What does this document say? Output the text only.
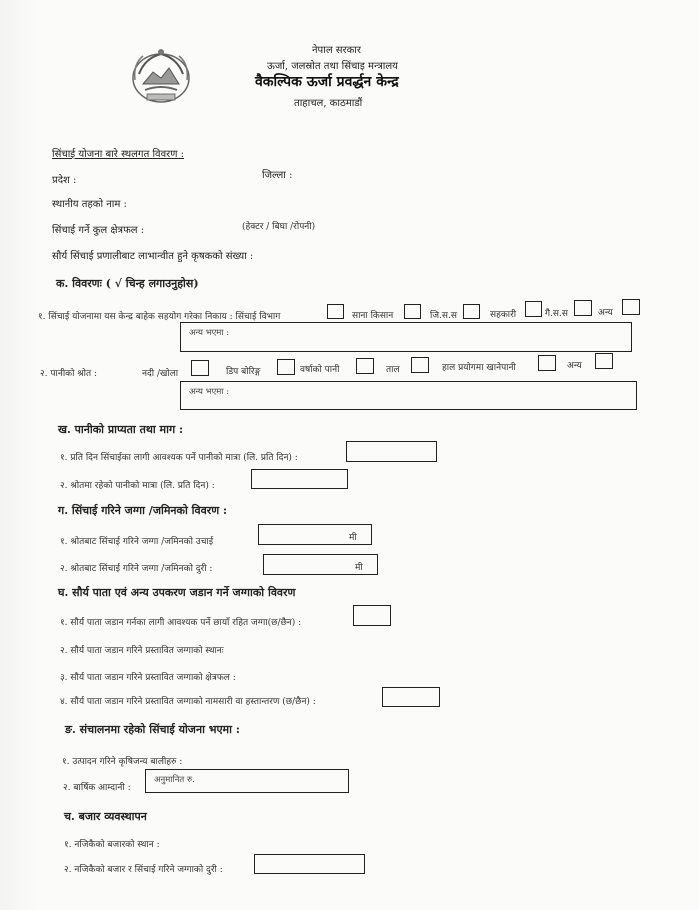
नेपाल सरकार
ऊर्जा, जलस्रोत तथा सिंचाइ मन्त्रालय
वैकल्पिक ऊर्जा प्रवर्द्धन केन्द्र
ताहाचल, काठमाडौं
सिंचाई योजना बारे स्थलगत विवरण :
प्रदेश :	जिल्ला :
स्थानीय तहको नाम :
सिंचाई गर्ने कुल क्षेत्रफल :	(हेक्टर / बिघा /रोपनी)
सौर्य सिंचाई प्रणालीबाट लाभान्वीत हुने कृषकको संख्या :
क. विवरणः ( √ चिन्ह लगाउनुहोस)
१. सिंचाई योजनामा यस केन्द्र बाहेक सहयोग गरेका निकाय : सिंचाई विभाग	साना किसान	जि.स.स	सहकारी	गै.स.स	अन्य
अन्य भएमा :
२. पानीको श्रोत :	नदी /खोला	डिप बोरिङ्ग	वर्षाको पानी	ताल	हाल प्रयोगमा खानेपानी	अन्य
अन्य भएमा :
ख. पानीको प्राप्यता तथा माग :
१. प्रति दिन सिंचाईका लागी आवश्यक पर्ने पानीको मात्रा (लि. प्रति दिन) :
२. श्रोतमा रहेको पानीको मात्रा (लि. प्रति दिन) :
ग. सिंचाई गरिने जग्गा /जमिनको विवरण :
१. श्रोतबाट सिंचाई गरिने जग्गा /जमिनको उचाई	मी
२. श्रोतबाट सिंचाई गरिने जग्गा /जमिनको दुरी :	मी
घ. सौर्य पाता एवं अन्य उपकरण जडान गर्ने जग्गाको विवरण
१. सौर्य पाता जडान गर्नका लागी आवश्यक पर्ने छायाँ रहित जग्गा(छ/छैन) :
२. सौर्य पाता जडान गरिने प्रस्तावित जग्गाको स्थानः
३. सौर्य पाता जडान गरिने प्रस्तावित जग्गाको क्षेत्रफल :
४. सौर्य पाता जडान गरिने प्रस्तावित जग्गाको नामसारी वा हस्तान्तरण (छ/छैन) :
ङ. संचालनमा रहेको सिंचाई योजना भएमा :
१. उत्पादन गरिने कृषिजन्य बालीहरु :
२. बार्षिक आम्दानी :
अनुमानित रु.
च. बजार व्यवस्थापन
१. नजिकैको बजारको स्थान :
२. नजिकैको बजार र सिंचाई गरिने जग्गाको दुरी :
